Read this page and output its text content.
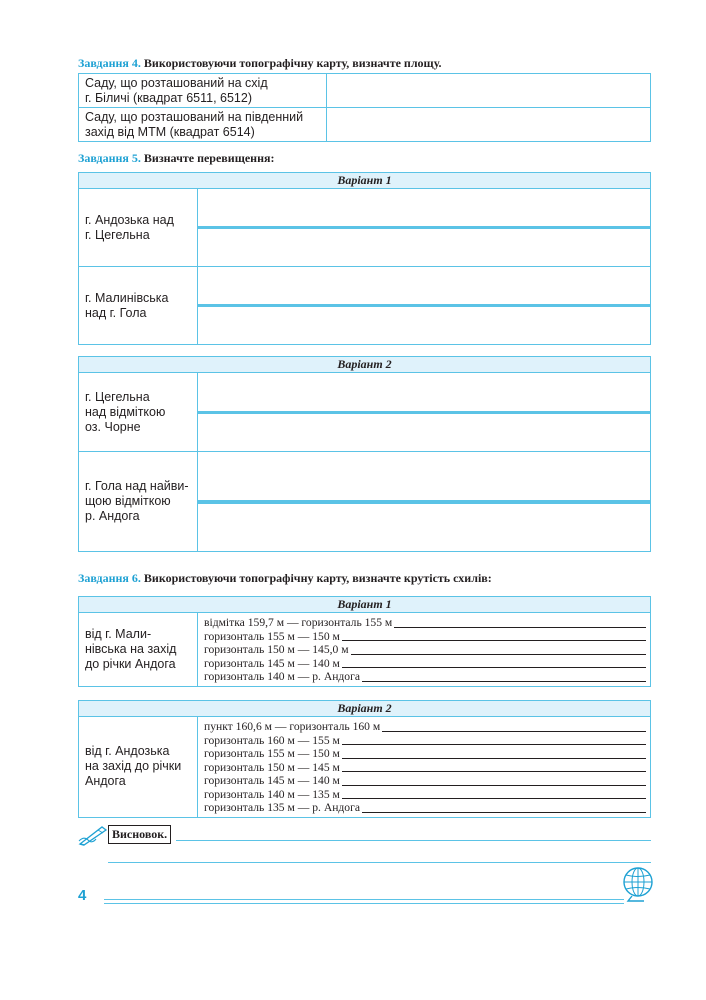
Завдання 4. Використовуючи топографічну карту, визначте площу.
Саду, що розташований на схід
г. Біличі (квадрат 6511, 6512)	

Саду, що розташований на південний
захід від МТМ (квадрат 6514)	

Завдання 5. Визначте перевищення:
Варіант 1	

г. Андозька над
г. Цегельна	

г. Малинівська
над г. Гола	

Варіант 2	

г. Цегельна
над відміткою
оз. Чорне	

г. Гола над найви-
щою відміткою
р. Андога	

Завдання 6. Використовуючи топографічну карту, визначте крутість схилів:
Варіант 1

від г. Мали-
нівська на захід
до річки Андога

відмітка 159,7 м — горизонталь 155 м
горизонталь 155 м — 150 м
горизонталь 150 м — 145,0 м
горизонталь 145 м — 140 м
горизонталь 140 м — р. Андога
Варіант 2

від г. Андозька
на захід до річки
Андога

пункт 160,6 м — горизонталь 160 м
горизонталь 160 м — 155 м
горизонталь 155 м — 150 м
горизонталь 150 м — 145 м
горизонталь 145 м — 140 м
горизонталь 140 м — 135 м
горизонталь 135 м — р. Андога
Висновок.
4
